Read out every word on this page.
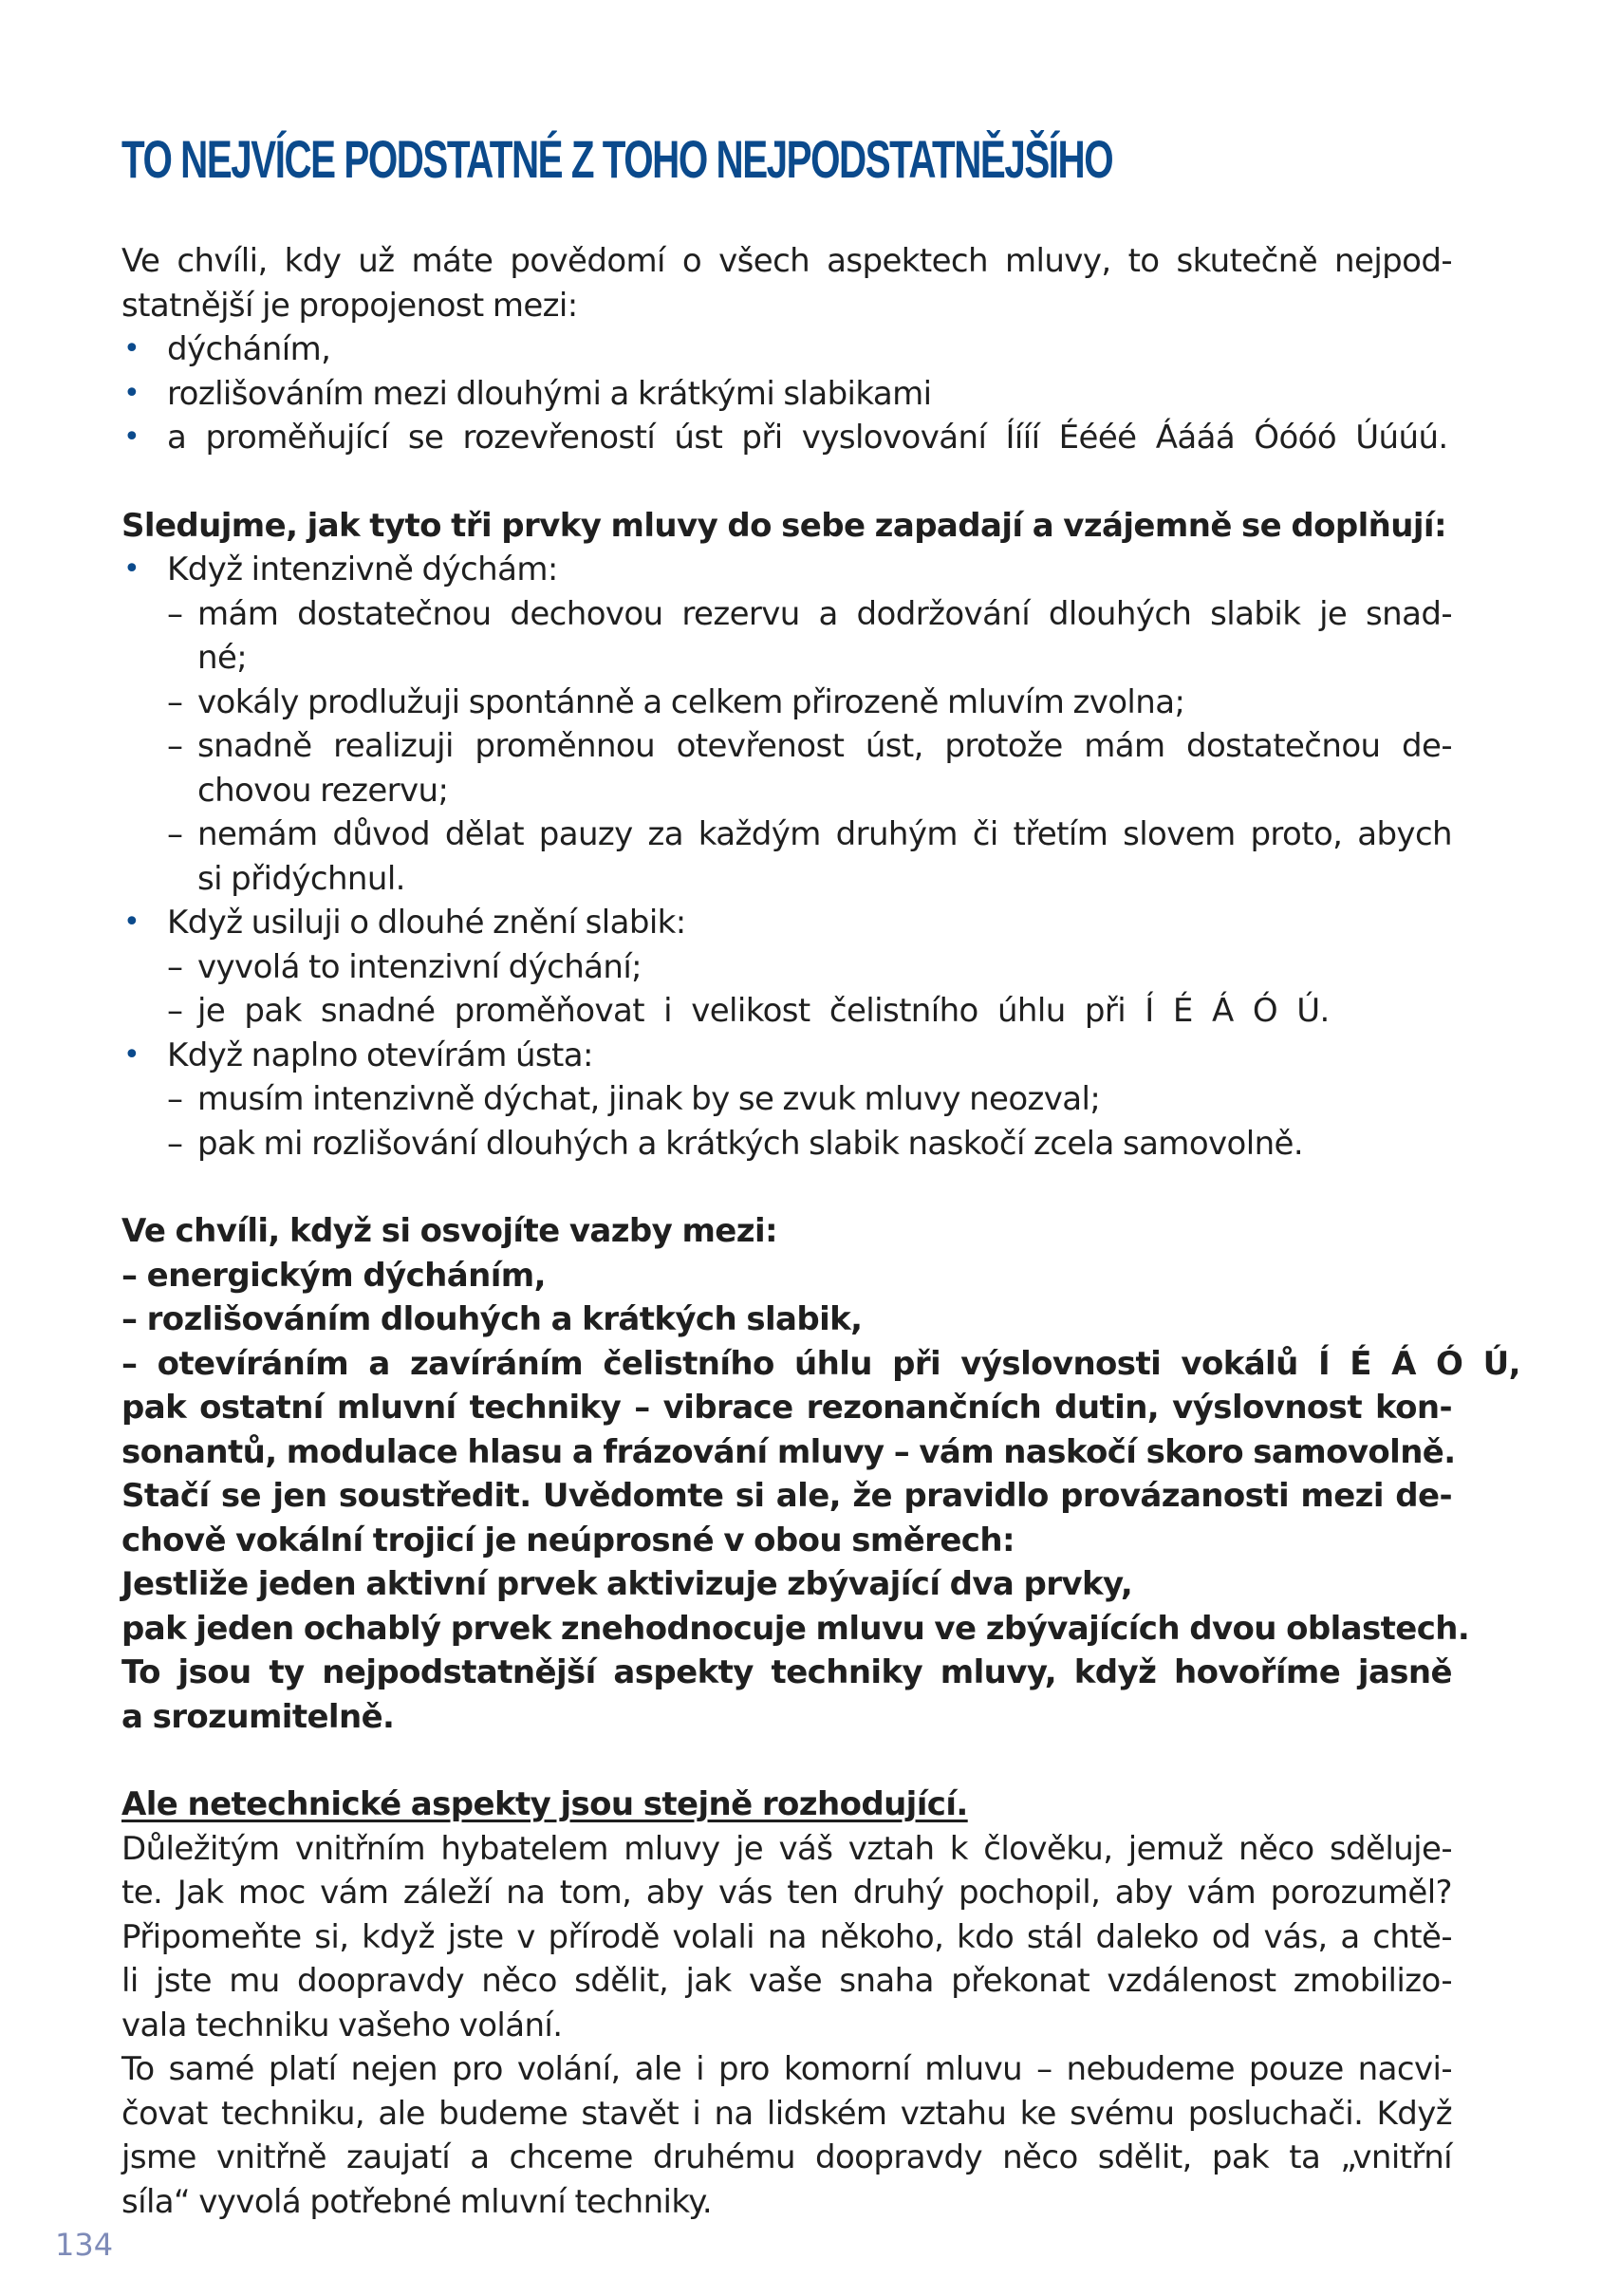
TO NEJVÍCE PODSTATNÉ Z TOHO NEJPODSTATNĚJŠÍHO
Ve chvíli, kdy už máte povědomí o všech aspektech mluvy, to skutečně nejpod-
statnější je propojenost mezi:
• dýcháním,
• rozlišováním mezi dlouhými a krátkými slabikami
• a proměňující se rozevřeností úst při vyslovování Íííí Éééé Áááá Óóóó Úúúú.
Sledujme, jak tyto tři prvky mluvy do sebe zapadají a vzájemně se doplňují:
• Když intenzivně dýchám:
– mám dostatečnou dechovou rezervu a dodržování dlouhých slabik je snad-
né;
– vokály prodlužuji spontánně a celkem přirozeně mluvím zvolna;
– snadně realizuji proměnnou otevřenost úst, protože mám dostatečnou de-
chovou rezervu;
– nemám důvod dělat pauzy za každým druhým či třetím slovem proto, abych
si přidýchnul.
• Když usiluji o dlouhé znění slabik:
– vyvolá to intenzivní dýchání;
– je pak snadné proměňovat i velikost čelistního úhlu při Í É Á Ó Ú.
• Když naplno otevírám ústa:
– musím intenzivně dýchat, jinak by se zvuk mluvy neozval;
– pak mi rozlišování dlouhých a krátkých slabik naskočí zcela samovolně.
Ve chvíli, když si osvojíte vazby mezi:
– energickým dýcháním,
– rozlišováním dlouhých a krátkých slabik,
– otevíráním a zavíráním čelistního úhlu při výslovnosti vokálů Í É Á Ó Ú,
pak ostatní mluvní techniky – vibrace rezonančních dutin, výslovnost kon-
sonantů, modulace hlasu a frázování mluvy – vám naskočí skoro samovolně.
Stačí se jen soustředit. Uvědomte si ale, že pravidlo provázanosti mezi de-
chově vokální trojicí je neúprosné v obou směrech:
Jestliže jeden aktivní prvek aktivizuje zbývající dva prvky,
pak jeden ochablý prvek znehodnocuje mluvu ve zbývajících dvou oblastech.
To jsou ty nejpodstatnější aspekty techniky mluvy, když hovoříme jasně
a srozumitelně.
Ale netechnické aspekty jsou stejně rozhodující.
Důležitým vnitřním hybatelem mluvy je váš vztah k člověku, jemuž něco sděluje-
te. Jak moc vám záleží na tom, aby vás ten druhý pochopil, aby vám porozuměl?
Připomeňte si, když jste v přírodě volali na někoho, kdo stál daleko od vás, a chtě-
li jste mu doopravdy něco sdělit, jak vaše snaha překonat vzdálenost zmobilizo-
vala techniku vašeho volání.
To samé platí nejen pro volání, ale i pro komorní mluvu – nebudeme pouze nacvi-
čovat techniku, ale budeme stavět i na lidském vztahu ke svému posluchači. Když
jsme vnitřně zaujatí a chceme druhému doopravdy něco sdělit, pak ta „vnitřní
síla“ vyvolá potřebné mluvní techniky.
134
